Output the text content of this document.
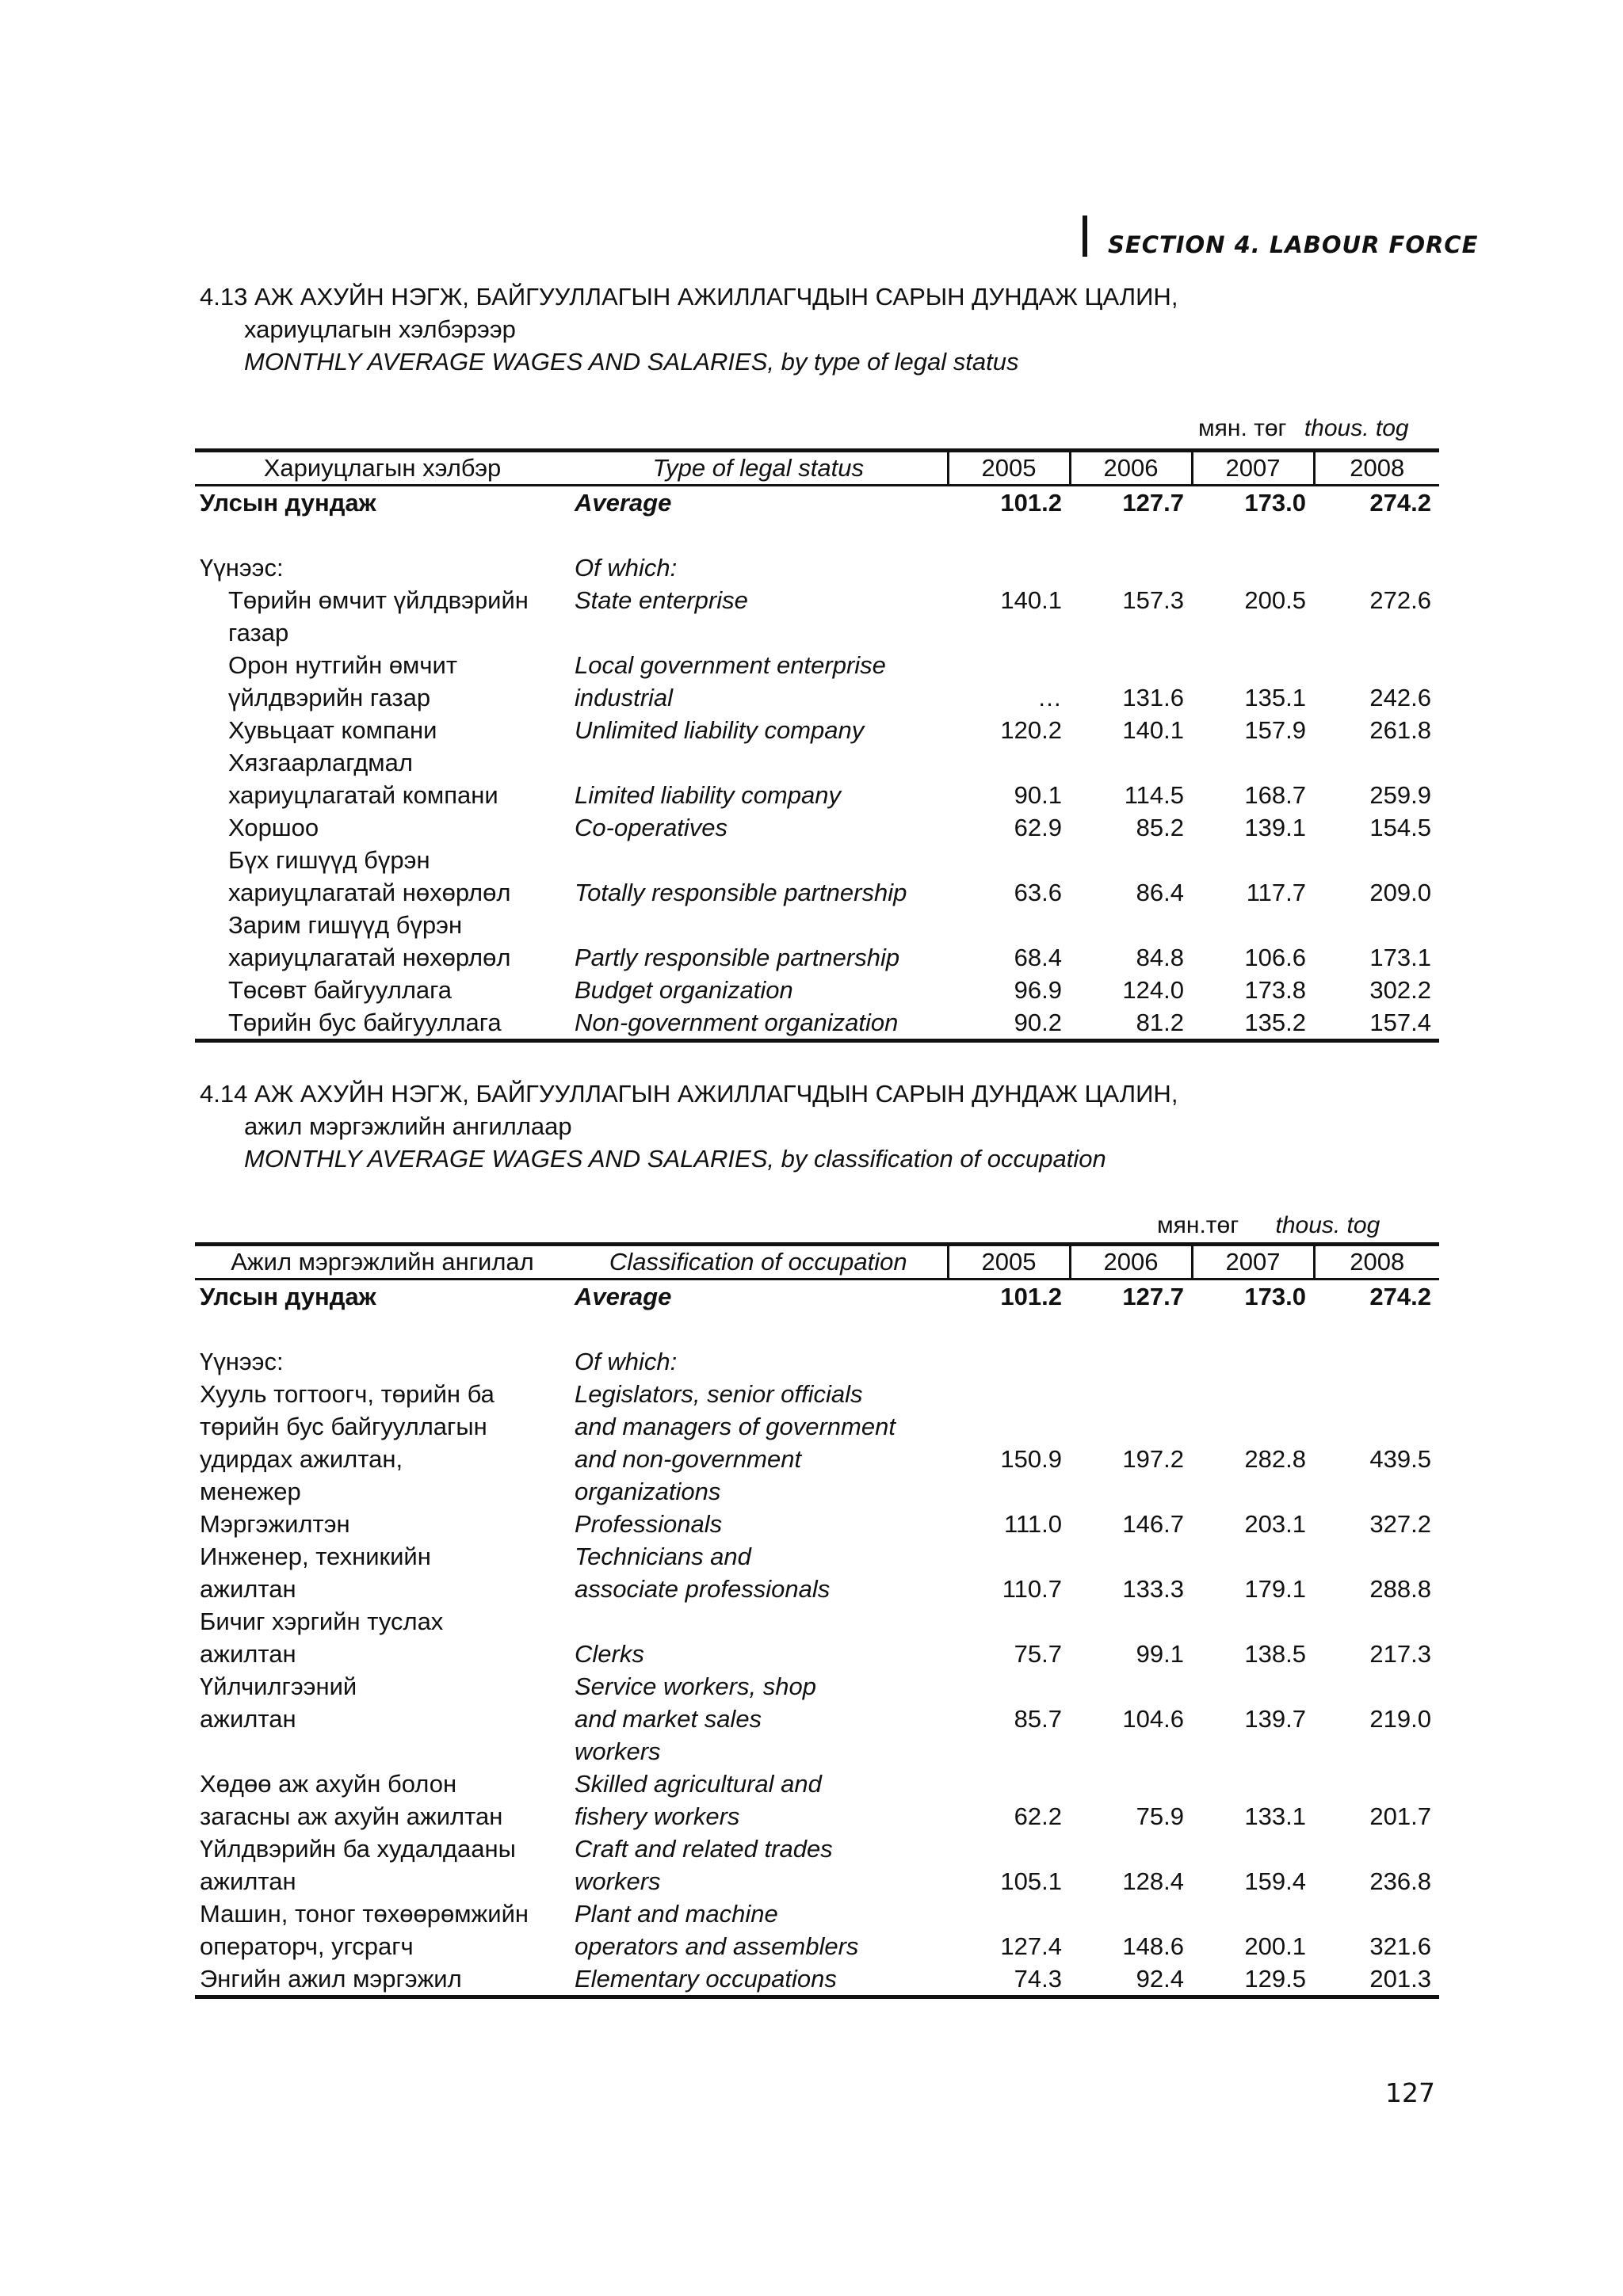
SECTION 4. LABOUR FORCE
4.13 АЖ АХУЙН НЭГЖ, БАЙГУУЛЛАГЫН АЖИЛЛАГЧДЫН САРЫН ДУНДАЖ ЦАЛИН,
хариуцлагын хэлбэрээр
MONTHLY AVERAGE WAGES AND SALARIES, by type of legal status
мян. төг thous. tog
Хариуцлагын хэлбэр	Type of legal status	2005	2006	2007	2008
Улсын дундаж	Average	101.2	127.7	173.0	274.2

Үүнээс:	Of which:				
Төрийн өмчит үйлдвэрийн	State enterprise	140.1	157.3	200.5	272.6
газар					
Орон нутгийн өмчит	Local government enterprise				
үйлдвэрийн газар	industrial	…	131.6	135.1	242.6
Хувьцаат компани	Unlimited liability company	120.2	140.1	157.9	261.8
Хязгаарлагдмал					
хариуцлагатай компани	Limited liability company	90.1	114.5	168.7	259.9
Хоршоо	Co-operatives	62.9	85.2	139.1	154.5
Бүх гишүүд бүрэн					
хариуцлагатай нөхөрлөл	Totally responsible partnership	63.6	86.4	117.7	209.0
Зарим гишүүд бүрэн					
хариуцлагатай нөхөрлөл	Partly responsible partnership	68.4	84.8	106.6	173.1
Төсөвт байгууллага	Budget organization	96.9	124.0	173.8	302.2
Төрийн бус байгууллага	Non-government organization	90.2	81.2	135.2	157.4
4.14 АЖ АХУЙН НЭГЖ, БАЙГУУЛЛАГЫН АЖИЛЛАГЧДЫН САРЫН ДУНДАЖ ЦАЛИН,
ажил мэргэжлийн ангиллаар
MONTHLY AVERAGE WAGES AND SALARIES, by classification of occupation
мян.төг thous. tog
Ажил мэргэжлийн ангилал	Classification of occupation	2005	2006	2007	2008
Улсын дундаж	Average	101.2	127.7	173.0	274.2

Үүнээс:	Of which:				
Хууль тогтоогч, төрийн ба	Legislators, senior officials				
төрийн бус байгууллагын	and managers of government				
удирдах ажилтан,	and non-government	150.9	197.2	282.8	439.5
менежер	organizations				
Мэргэжилтэн	Professionals	111.0	146.7	203.1	327.2
Инженер, техникийн	Technicians and				
ажилтан	associate professionals	110.7	133.3	179.1	288.8
Бичиг хэргийн туслах					
ажилтан	Clerks	75.7	99.1	138.5	217.3
Үйлчилгээний	Service workers, shop				
ажилтан	and market sales	85.7	104.6	139.7	219.0
	workers				
Хөдөө аж ахуйн болон	Skilled agricultural and				
загасны аж ахуйн ажилтан	fishery workers	62.2	75.9	133.1	201.7
Үйлдвэрийн ба худалдааны	Craft and related trades				
ажилтан	workers	105.1	128.4	159.4	236.8
Машин, тоног төхөөрөмжийн	Plant and machine				
операторч, угсрагч	operators and assemblers	127.4	148.6	200.1	321.6
Энгийн ажил мэргэжил	Elementary occupations	74.3	92.4	129.5	201.3
127
